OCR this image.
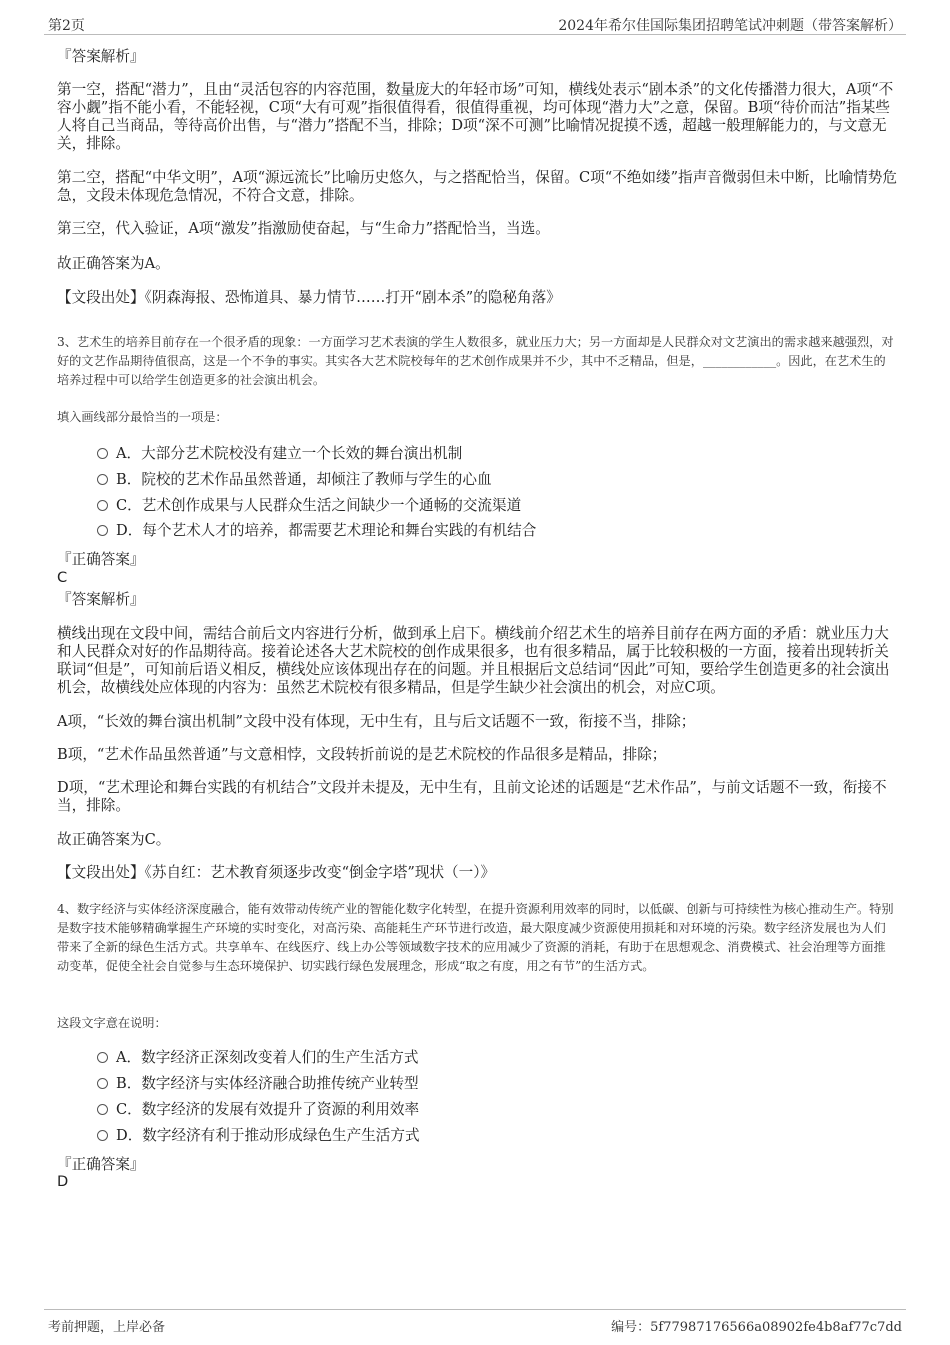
第2页	2024年希尔佳国际集团招聘笔试冲刺题（带答案解析）
『答案解析』
第一空，搭配“潜力”，且由“灵活包容的内容范围，数量庞大的年轻市场”可知，横线处表示“剧本杀”的文化传播潜力很大，A项“不容小觑”指不能小看，不能轻视，C项“大有可观”指很值得看，很值得重视，均可体现“潜力大”之意，保留。B项“待价而沽”指某些人将自己当商品，等待高价出售，与“潜力”搭配不当，排除；D项“深不可测”比喻情况捉摸不透，超越一般理解能力的，与文意无关，排除。
第二空，搭配“中华文明”，A项“源远流长”比喻历史悠久，与之搭配恰当，保留。C项“不绝如缕”指声音微弱但未中断，比喻情势危急，文段未体现危急情况，不符合文意，排除。
第三空，代入验证，A项“激发”指激励使奋起，与“生命力”搭配恰当，当选。
故正确答案为A。
【文段出处】《阴森海报、恐怖道具、暴力情节……打开“剧本杀”的隐秘角落》
3、艺术生的培养目前存在一个很矛盾的现象：一方面学习艺术表演的学生人数很多，就业压力大；另一方面却是人民群众对文艺演出的需求越来越强烈，对好的文艺作品期待值很高，这是一个不争的事实。其实各大艺术院校每年的艺术创作成果并不少，其中不乏精品，但是，____________。因此，在艺术生的培养过程中可以给学生创造更多的社会演出机会。
填入画线部分最恰当的一项是：
A．大部分艺术院校没有建立一个长效的舞台演出机制
B．院校的艺术作品虽然普通，却倾注了教师与学生的心血
C．艺术创作成果与人民群众生活之间缺少一个通畅的交流渠道
D．每个艺术人才的培养，都需要艺术理论和舞台实践的有机结合
『正确答案』
C
『答案解析』
横线出现在文段中间，需结合前后文内容进行分析，做到承上启下。横线前介绍艺术生的培养目前存在两方面的矛盾：就业压力大和人民群众对好的作品期待高。接着论述各大艺术院校的创作成果很多，也有很多精品，属于比较积极的一方面，接着出现转折关联词“但是”，可知前后语义相反，横线处应该体现出存在的问题。并且根据后文总结词“因此”可知，要给学生创造更多的社会演出机会，故横线处应体现的内容为：虽然艺术院校有很多精品，但是学生缺少社会演出的机会，对应C项。
A项，“长效的舞台演出机制”文段中没有体现，无中生有，且与后文话题不一致，衔接不当，排除；
B项，“艺术作品虽然普通”与文意相悖，文段转折前说的是艺术院校的作品很多是精品，排除；
D项，“艺术理论和舞台实践的有机结合”文段并未提及，无中生有，且前文论述的话题是“艺术作品”，与前文话题不一致，衔接不当，排除。
故正确答案为C。
【文段出处】《苏自红：艺术教育须逐步改变“倒金字塔”现状（一）》
4、数字经济与实体经济深度融合，能有效带动传统产业的智能化数字化转型，在提升资源利用效率的同时，以低碳、创新与可持续性为核心推动生产。特别是数字技术能够精确掌握生产环境的实时变化，对高污染、高能耗生产环节进行改造，最大限度减少资源使用损耗和对环境的污染。数字经济发展也为人们带来了全新的绿色生活方式。共享单车、在线医疗、线上办公等领域数字技术的应用减少了资源的消耗，有助于在思想观念、消费模式、社会治理等方面推动变革，促使全社会自觉参与生态环境保护、切实践行绿色发展理念，形成“取之有度，用之有节”的生活方式。
这段文字意在说明：
A．数字经济正深刻改变着人们的生产生活方式
B．数字经济与实体经济融合助推传统产业转型
C．数字经济的发展有效提升了资源的利用效率
D．数字经济有利于推动形成绿色生产生活方式
『正确答案』
D
考前押题，上岸必备	编号：5f77987176566a08902fe4b8af77c7dd
